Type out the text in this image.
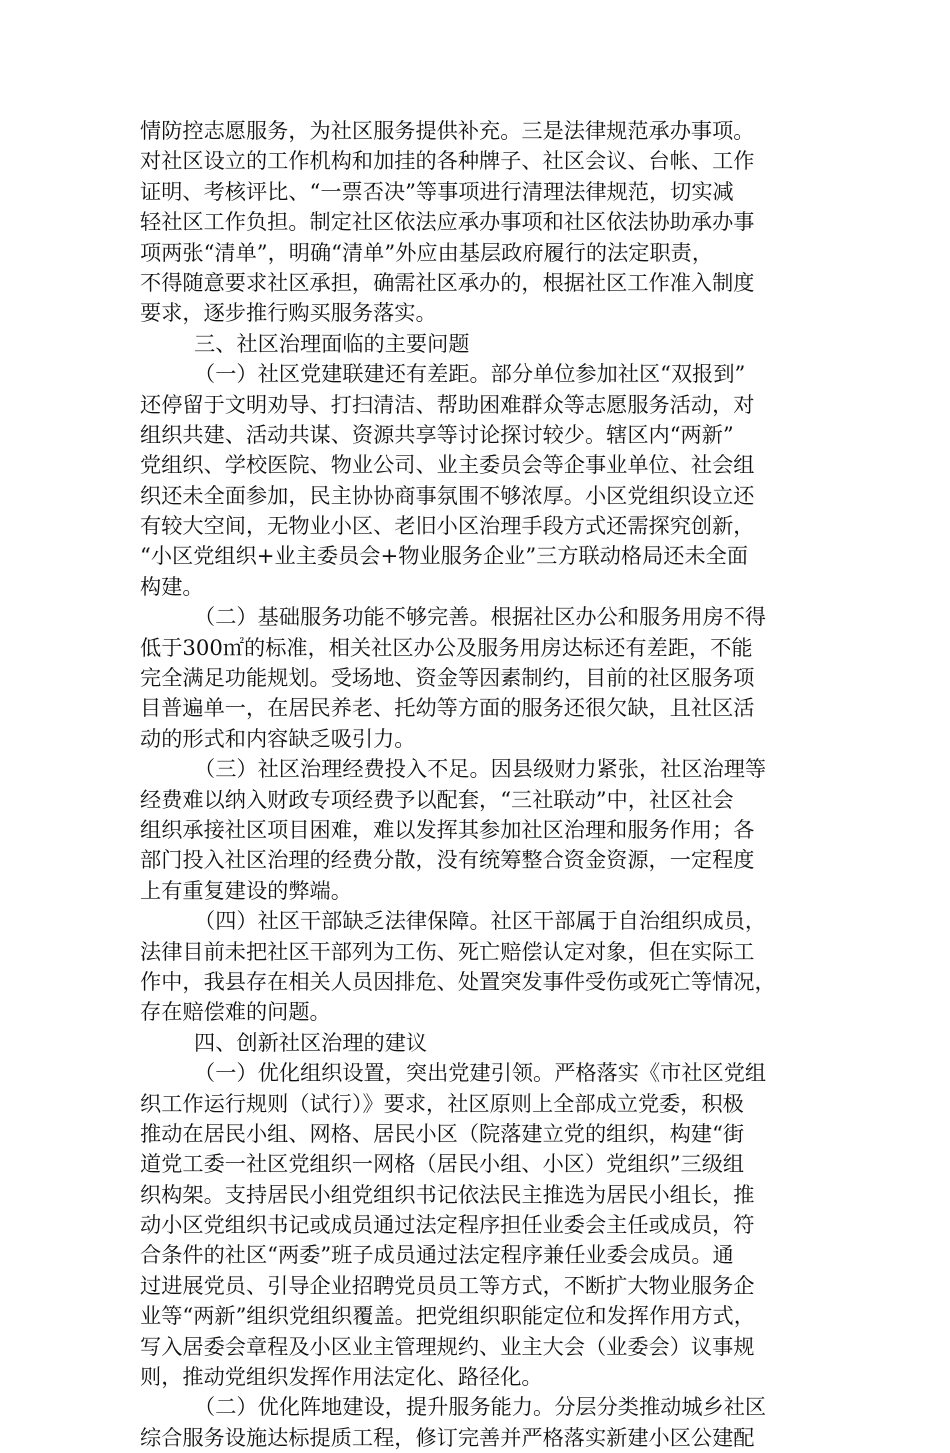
情防控志愿服务，为社区服务提供补充。三是法律规范承办事项。
对社区设立的工作机构和加挂的各种牌子、社区会议、台帐、工作
证明、考核评比、“一票否决”等事项进行清理法律规范，切实减
轻社区工作负担。制定社区依法应承办事项和社区依法协助承办事
项两张“清单”，明确“清单”外应由基层政府履行的法定职责，
不得随意要求社区承担，确需社区承办的，根据社区工作准入制度
要求，逐步推行购买服务落实。
三、社区治理面临的主要问题
（一）社区党建联建还有差距。部分单位参加社区“双报到”
还停留于文明劝导、打扫清洁、帮助困难群众等志愿服务活动，对
组织共建、活动共谋、资源共享等讨论探讨较少。辖区内“两新”
党组织、学校医院、物业公司、业主委员会等企事业单位、社会组
织还未全面参加，民主协协商事氛围不够浓厚。小区党组织设立还
有较大空间，无物业小区、老旧小区治理手段方式还需探究创新，
“小区党组织+业主委员会+物业服务企业”三方联动格局还未全面
构建。
（二）基础服务功能不够完善。根据社区办公和服务用房不得
低于300㎡的标准，相关社区办公及服务用房达标还有差距，不能
完全满足功能规划。受场地、资金等因素制约，目前的社区服务项
目普遍单一，在居民养老、托幼等方面的服务还很欠缺，且社区活
动的形式和内容缺乏吸引力。
（三）社区治理经费投入不足。因县级财力紧张，社区治理等
经费难以纳入财政专项经费予以配套，“三社联动”中，社区社会
组织承接社区项目困难，难以发挥其参加社区治理和服务作用；各
部门投入社区治理的经费分散，没有统筹整合资金资源，一定程度
上有重复建设的弊端。
（四）社区干部缺乏法律保障。社区干部属于自治组织成员，
法律目前未把社区干部列为工伤、死亡赔偿认定对象，但在实际工
作中，我县存在相关人员因排危、处置突发事件受伤或死亡等情况，
存在赔偿难的问题。
四、创新社区治理的建议
（一）优化组织设置，突出党建引领。严格落实《市社区党组
织工作运行规则（试行）》要求，社区原则上全部成立党委，积极
推动在居民小组、网格、居民小区（院落建立党的组织，构建“街
道党工委一社区党组织一网格（居民小组、小区）党组织”三级组
织构架。支持居民小组党组织书记依法民主推选为居民小组长，推
动小区党组织书记或成员通过法定程序担任业委会主任或成员，符
合条件的社区“两委”班子成员通过法定程序兼任业委会成员。通
过进展党员、引导企业招聘党员员工等方式，不断扩大物业服务企
业等“两新”组织党组织覆盖。把党组织职能定位和发挥作用方式，
写入居委会章程及小区业主管理规约、业主大会（业委会）议事规
则，推动党组织发挥作用法定化、路径化。
（二）优化阵地建设，提升服务能力。分层分类推动城乡社区
综合服务设施达标提质工程，修订完善并严格落实新建小区公建配
